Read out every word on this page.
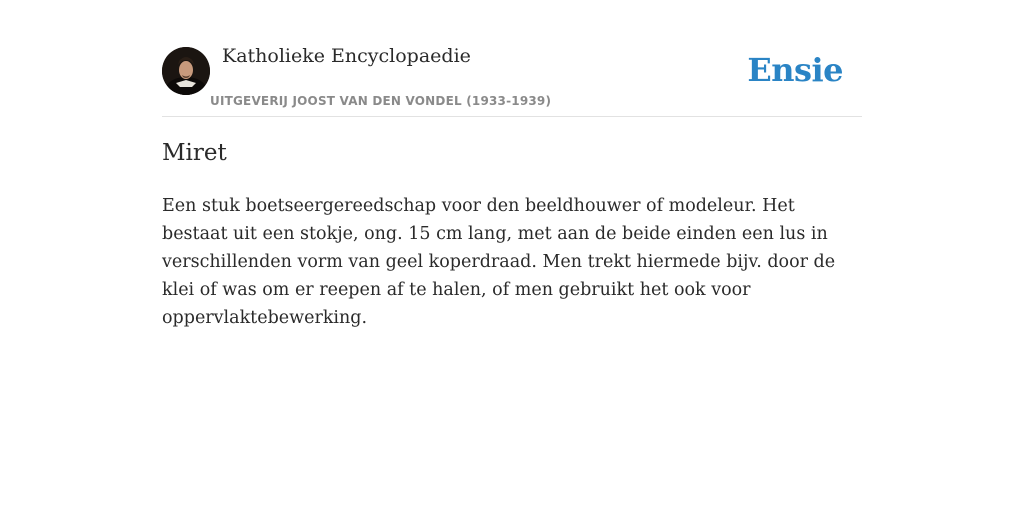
Katholieke Encyclopaedie
UITGEVERIJ JOOST VAN DEN VONDEL (1933-1939)
Ensie
Miret

Een stuk boetseergereedschap voor den beeldhouwer of modeleur. Het bestaat uit een stokje, ong. 15 cm lang, met aan de beide einden een lus in verschillenden vorm van geel koperdraad. Men trekt hiermede bijv. door de klei of was om er reepen af te halen, of men gebruikt het ook voor oppervlaktebewerking.
